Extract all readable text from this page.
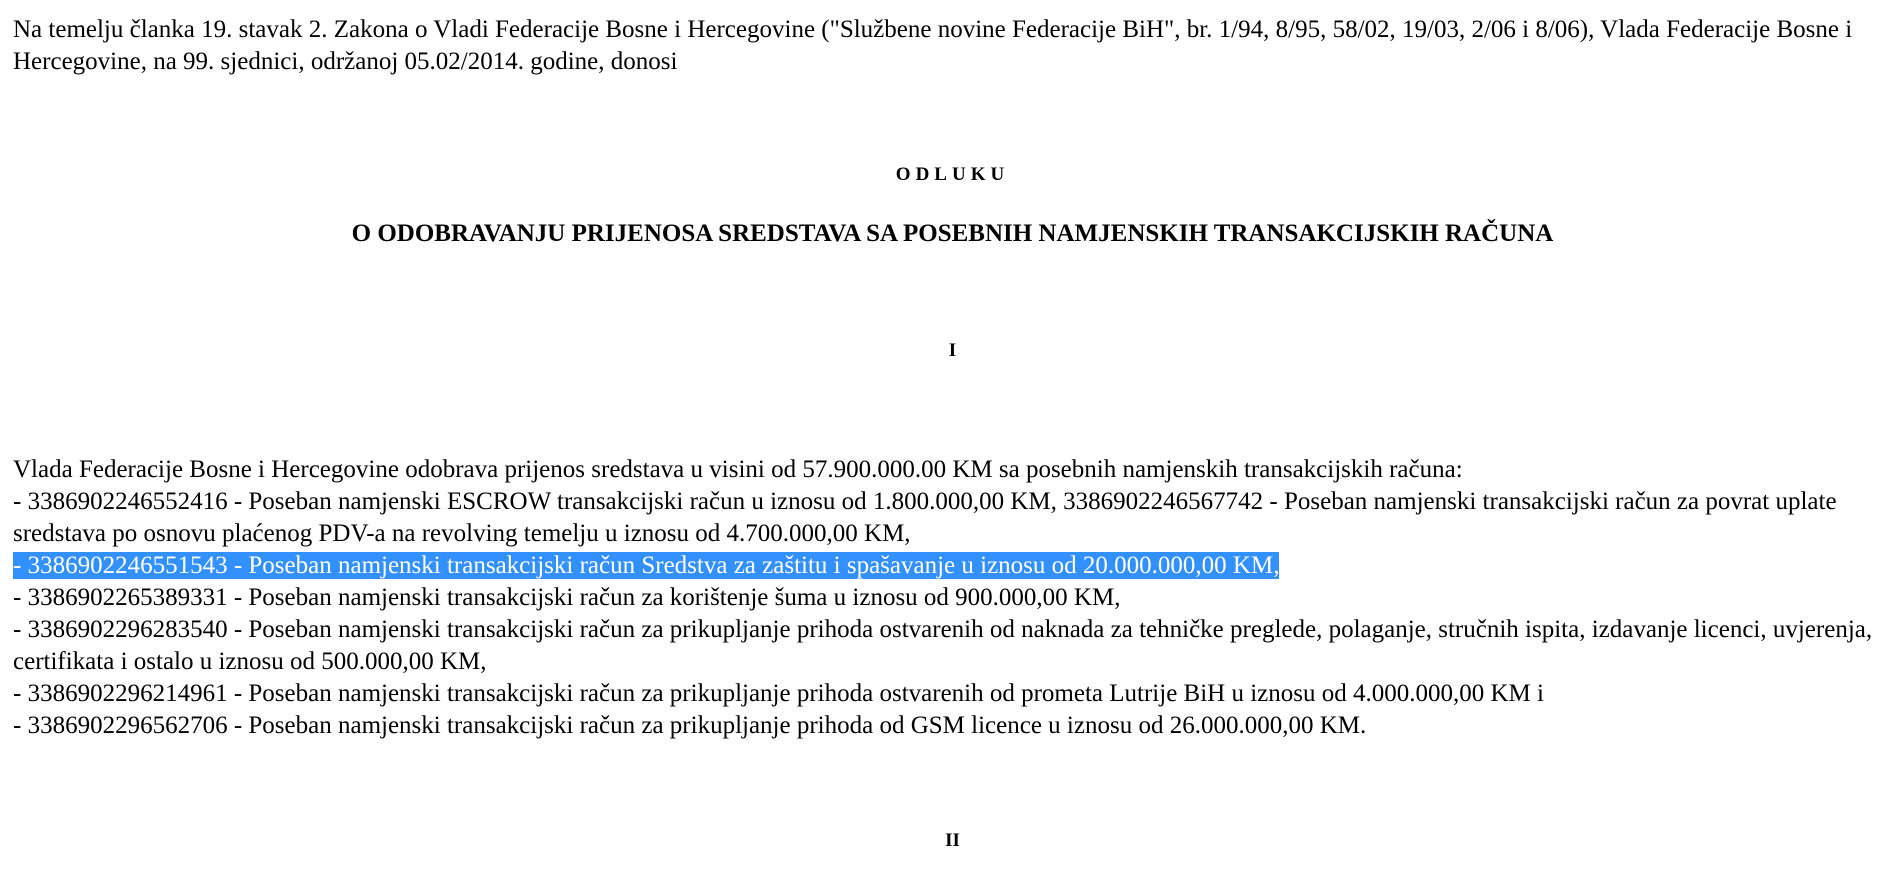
Na temelju članka 19. stavak 2. Zakona o Vladi Federacije Bosne i Hercegovine ("Službene novine Federacije BiH", br. 1/94, 8/95, 58/02, 19/03, 2/06 i 8/06), Vlada Federacije Bosne i Hercegovine, na 99. sjednici, održanoj 05.02/2014. godine, donosi

ODLUKU

O ODOBRAVANJU PRIJENOSA SREDSTAVA SA POSEBNIH NAMJENSKIH TRANSAKCIJSKIH RAČUNA

I

Vlada Federacije Bosne i Hercegovine odobrava prijenos sredstava u visini od 57.900.000.00 KM sa posebnih namjenskih transakcijskih računa:
- 3386902246552416 - Poseban namjenski ESCROW transakcijski račun u iznosu od 1.800.000,00 KM, 3386902246567742 - Poseban namjenski transakcijski račun za povrat uplate sredstava po osnovu plaćenog PDV-a na revolving temelju u iznosu od 4.700.000,00 KM,
- 3386902246551543 - Poseban namjenski transakcijski račun Sredstva za zaštitu i spašavanje u iznosu od 20.000.000,00 KM,
- 3386902265389331 - Poseban namjenski transakcijski račun za korištenje šuma u iznosu od 900.000,00 KM,
- 3386902296283540 - Poseban namjenski transakcijski račun za prikupljanje prihoda ostvarenih od naknada za tehničke preglede, polaganje, stručnih ispita, izdavanje licenci, uvjerenja, certifikata i ostalo u iznosu od 500.000,00 KM,
- 3386902296214961 - Poseban namjenski transakcijski račun za prikupljanje prihoda ostvarenih od prometa Lutrije BiH u iznosu od 4.000.000,00 KM i
- 3386902296562706 - Poseban namjenski transakcijski račun za prikupljanje prihoda od GSM licence u iznosu od 26.000.000,00 KM.

II
